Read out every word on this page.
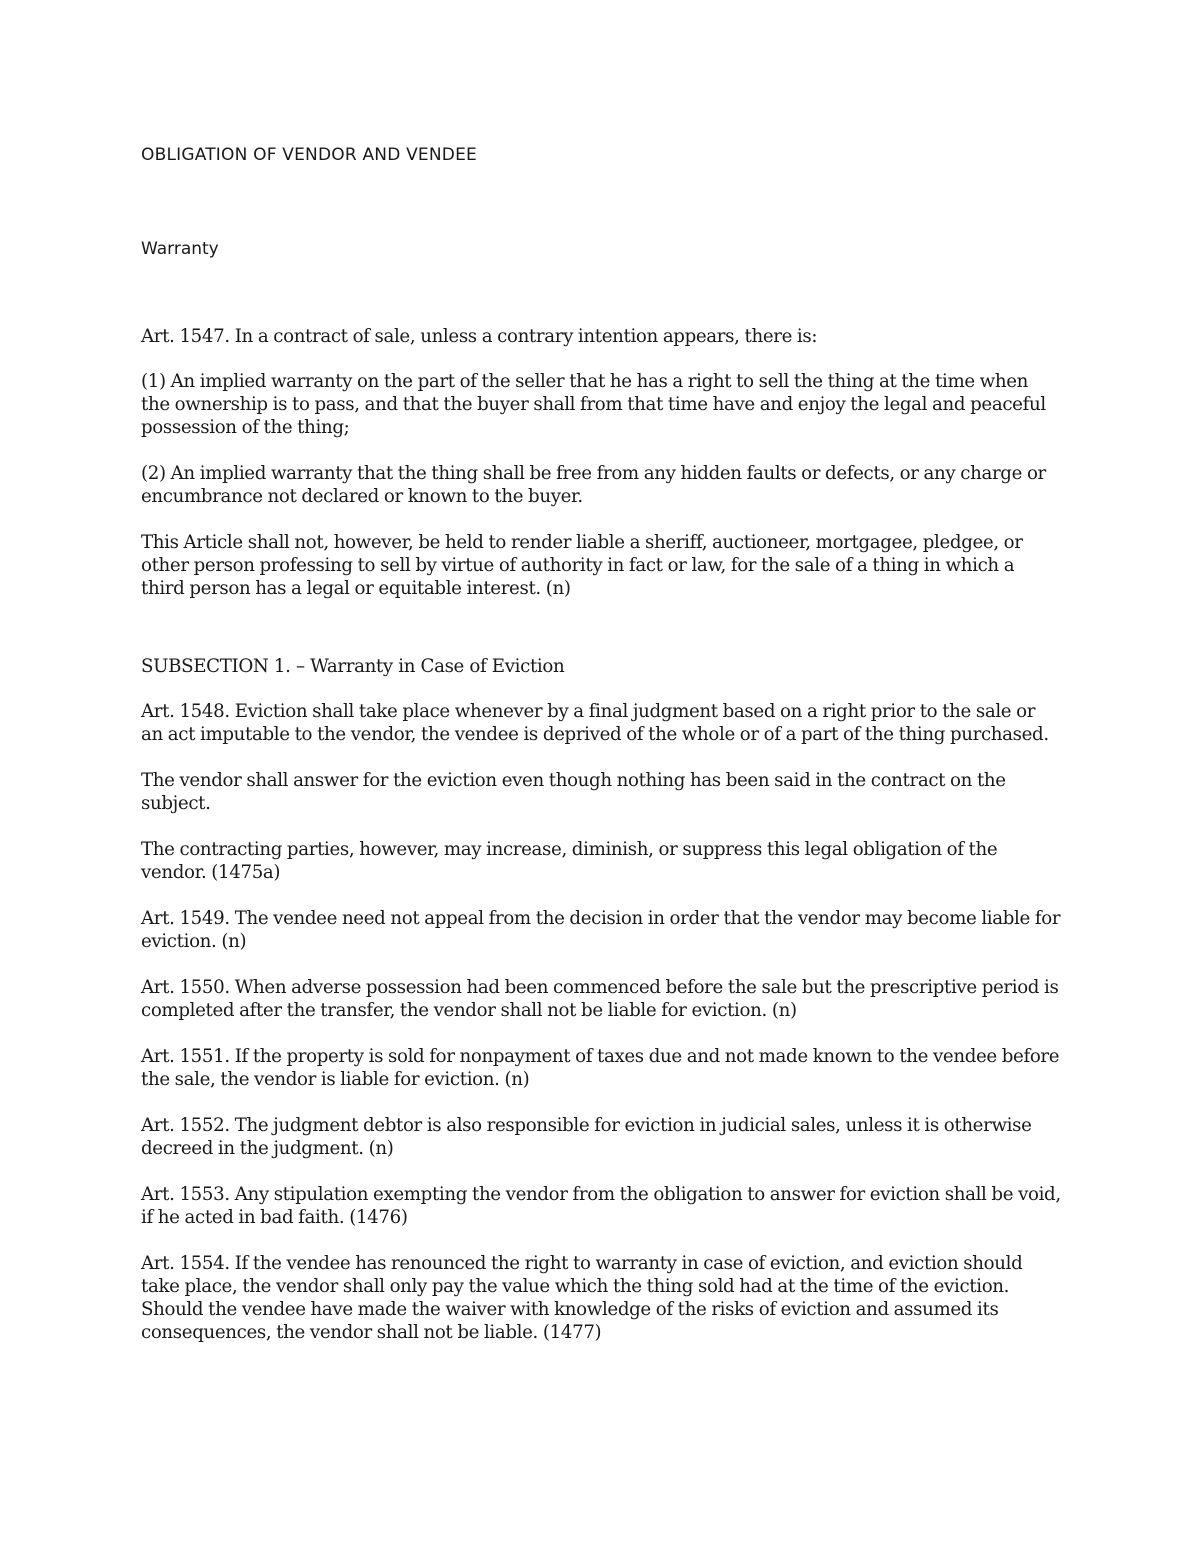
OBLIGATION OF VENDOR AND VENDEE
Warranty

Art. 1547. In a contract of sale, unless a contrary intention appears, there is:

(1) An implied warranty on the part of the seller that he has a right to sell the thing at the time when the ownership is to pass, and that the buyer shall from that time have and enjoy the legal and peaceful possession of the thing;

(2) An implied warranty that the thing shall be free from any hidden faults or defects, or any charge or encumbrance not declared or known to the buyer.

This Article shall not, however, be held to render liable a sheriff, auctioneer, mortgagee, pledgee, or other person professing to sell by virtue of authority in fact or law, for the sale of a thing in which a third person has a legal or equitable interest. (n)

SUBSECTION 1. – Warranty in Case of Eviction

Art. 1548. Eviction shall take place whenever by a final judgment based on a right prior to the sale or an act imputable to the vendor, the vendee is deprived of the whole or of a part of the thing purchased.

The vendor shall answer for the eviction even though nothing has been said in the contract on the subject.

The contracting parties, however, may increase, diminish, or suppress this legal obligation of the vendor. (1475a)

Art. 1549. The vendee need not appeal from the decision in order that the vendor may become liable for eviction. (n)

Art. 1550. When adverse possession had been commenced before the sale but the prescriptive period is completed after the transfer, the vendor shall not be liable for eviction. (n)

Art. 1551. If the property is sold for nonpayment of taxes due and not made known to the vendee before the sale, the vendor is liable for eviction. (n)

Art. 1552. The judgment debtor is also responsible for eviction in judicial sales, unless it is otherwise decreed in the judgment. (n)

Art. 1553. Any stipulation exempting the vendor from the obligation to answer for eviction shall be void, if he acted in bad faith. (1476)

Art. 1554. If the vendee has renounced the right to warranty in case of eviction, and eviction should take place, the vendor shall only pay the value which the thing sold had at the time of the eviction. Should the vendee have made the waiver with knowledge of the risks of eviction and assumed its consequences, the vendor shall not be liable. (1477)
